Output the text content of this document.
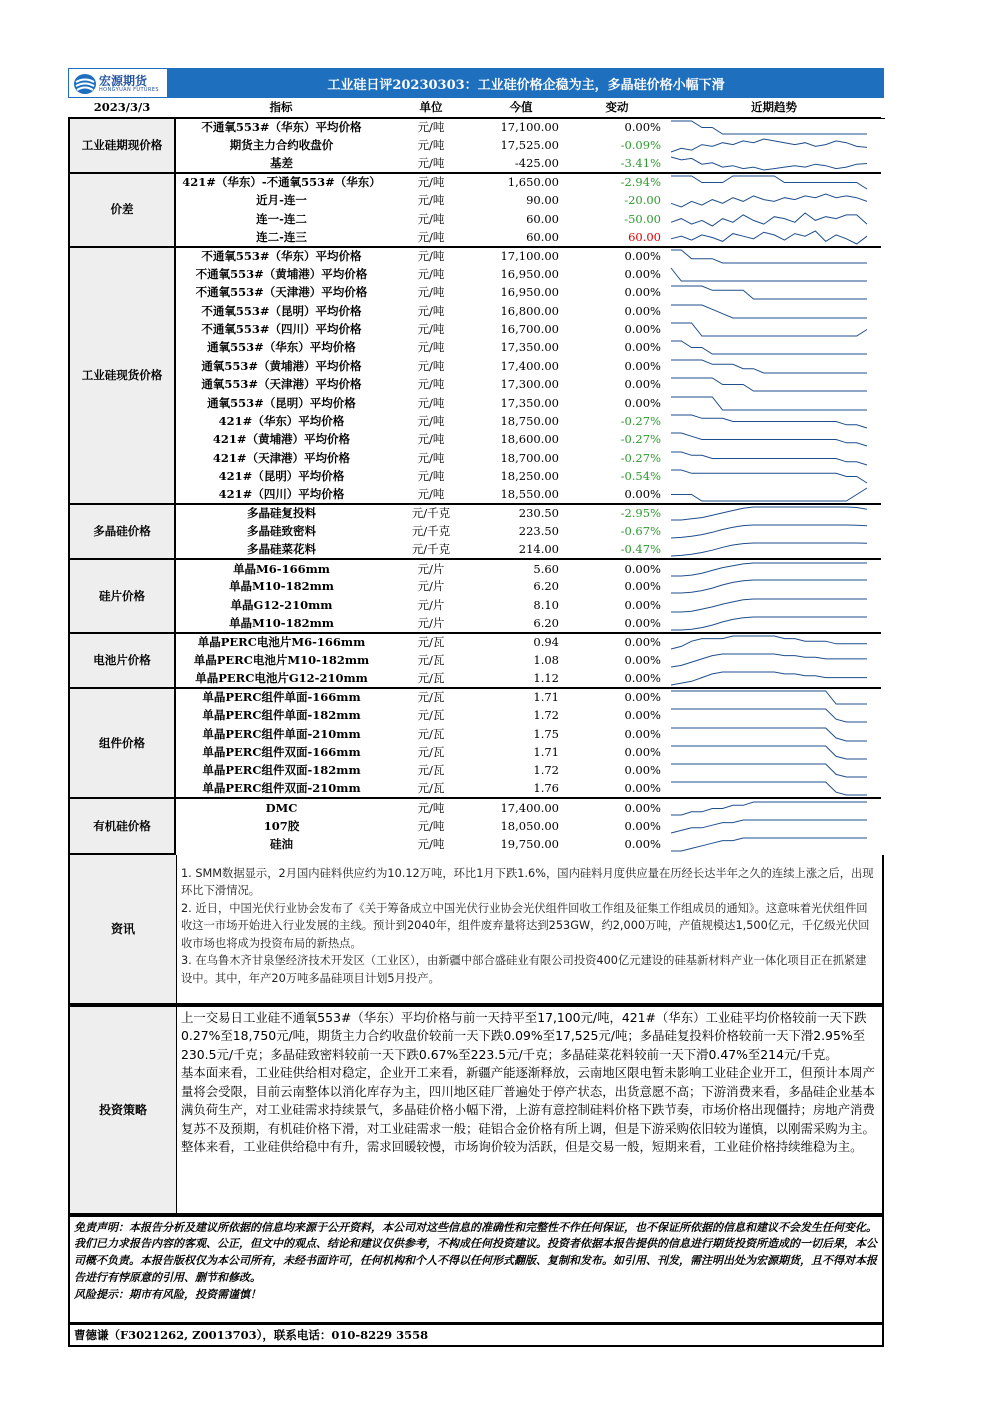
宏源期货
HONGYUAN FUTURES	工业硅日评20230303：工业硅价格企稳为主，多晶硅价格小幅下滑
2023/3/3	指标	单位	今值	变动	近期趋势	
工业硅期现价格	不通氧553#（华东）平均价格	元/吨	17,100.00	0.00%	

	期货主力合约收盘价	元/吨	17,525.00	-0.09%	

	基差	元/吨	-425.00	-3.41%	

价差	421#（华东）-不通氧553#（华东）	元/吨	1,650.00	-2.94%	

	近月-连一	元/吨	90.00	-20.00	

	连一-连二	元/吨	60.00	-50.00	

	连二-连三	元/吨	60.00	60.00	

工业硅现货价格	不通氧553#（华东）平均价格	元/吨	17,100.00	0.00%	

	不通氧553#（黄埔港）平均价格	元/吨	16,950.00	0.00%	

	不通氧553#（天津港）平均价格	元/吨	16,950.00	0.00%	

	不通氧553#（昆明）平均价格	元/吨	16,800.00	0.00%	

	不通氧553#（四川）平均价格	元/吨	16,700.00	0.00%	

	通氧553#（华东）平均价格	元/吨	17,350.00	0.00%	

	通氧553#（黄埔港）平均价格	元/吨	17,400.00	0.00%	

	通氧553#（天津港）平均价格	元/吨	17,300.00	0.00%	

	通氧553#（昆明）平均价格	元/吨	17,350.00	0.00%	

	421#（华东）平均价格	元/吨	18,750.00	-0.27%	

	421#（黄埔港）平均价格	元/吨	18,600.00	-0.27%	

	421#（天津港）平均价格	元/吨	18,700.00	-0.27%	

	421#（昆明）平均价格	元/吨	18,250.00	-0.54%	

	421#（四川）平均价格	元/吨	18,550.00	0.00%	

多晶硅价格	多晶硅复投料	元/千克	230.50	-2.95%	

	多晶硅致密料	元/千克	223.50	-0.67%	

	多晶硅菜花料	元/千克	214.00	-0.47%	

硅片价格	单晶M6-166mm	元/片	5.60	0.00%	

	单晶M10-182mm	元/片	6.20	0.00%	

	单晶G12-210mm	元/片	8.10	0.00%	

	单晶M10-182mm	元/片	6.20	0.00%	

电池片价格	单晶PERC电池片M6-166mm	元/瓦	0.94	0.00%	

	单晶PERC电池片M10-182mm	元/瓦	1.08	0.00%	

	单晶PERC电池片G12-210mm	元/瓦	1.12	0.00%	

组件价格	单晶PERC组件单面-166mm	元/瓦	1.71	0.00%	

	单晶PERC组件单面-182mm	元/瓦	1.72	0.00%	

	单晶PERC组件单面-210mm	元/瓦	1.75	0.00%	

	单晶PERC组件双面-166mm	元/瓦	1.71	0.00%	

	单晶PERC组件双面-182mm	元/瓦	1.72	0.00%	

	单晶PERC组件双面-210mm	元/瓦	1.76	0.00%	

有机硅价格	DMC	元/吨	17,400.00	0.00%	

	107胶	元/吨	18,050.00	0.00%	

	硅油	元/吨	19,750.00	0.00%	

资讯
1. SMM数据显示，2月国内硅料供应约为10.12万吨，环比1月下跌1.6%，国内硅料月度供应量在历经长达半年之久的连续上涨之后，出现环比下滑情况。
2. 近日，中国光伏行业协会发布了《关于筹备成立中国光伏行业协会光伏组件回收工作组及征集工作组成员的通知》。这意味着光伏组件回收这一市场开始进入行业发展的主线。预计到2040年，组件废弃量将达到253GW，约2,000万吨，产值规模达1,500亿元，千亿级光伏回收市场也将成为投资布局的新热点。
3. 在乌鲁木齐甘泉堡经济技术开发区（工业区），由新疆中部合盛硅业有限公司投资400亿元建设的硅基新材料产业一体化项目正在抓紧建设中。其中，年产20万吨多晶硅项目计划5月投产。
投资策略
上一交易日工业硅不通氧553#（华东）平均价格与前一天持平至17,100元/吨，421#（华东）工业硅平均价格较前一天下跌0.27%至18,750元/吨，期货主力合约收盘价较前一天下跌0.09%至17,525元/吨；多晶硅复投料价格较前一天下滑2.95%至230.5元/千克；多晶硅致密料较前一天下跌0.67%至223.5元/千克；多晶硅菜花料较前一天下滑0.47%至214元/千克。
基本面来看，工业硅供给相对稳定，企业开工来看，新疆产能逐渐释放，云南地区限电暂未影响工业硅企业开工，但预计本周产量将会受限，目前云南整体以消化库存为主，四川地区硅厂普遍处于停产状态，出货意愿不高；下游消费来看，多晶硅企业基本满负荷生产，对工业硅需求持续景气，多晶硅价格小幅下滑，上游有意控制硅料价格下跌节奏，市场价格出现僵持；房地产消费复苏不及预期，有机硅价格下滑，对工业硅需求一般；硅铝合金价格有所上调，但是下游采购依旧较为谨慎，以刚需采购为主。
整体来看，工业硅供给稳中有升，需求回暖较慢，市场询价较为活跃，但是交易一般，短期来看，工业硅价格持续维稳为主。
免责声明：本报告分析及建议所依据的信息均来源于公开资料，本公司对这些信息的准确性和完整性不作任何保证，也不保证所依据的信息和建议不会发生任何变化。我们已力求报告内容的客观、公正，但文中的观点、结论和建议仅供参考，不构成任何投资建议。投资者依据本报告提供的信息进行期货投资所造成的一切后果，本公司概不负责。本报告版权仅为本公司所有，未经书面许可，任何机构和个人不得以任何形式翻版、复制和发布。如引用、刊发，需注明出处为宏源期货，且不得对本报告进行有悖原意的引用、删节和修改。
风险提示：期市有风险，投资需谨慎！
曹德谦（F3021262, Z0013703），联系电话：010-8229 3558
